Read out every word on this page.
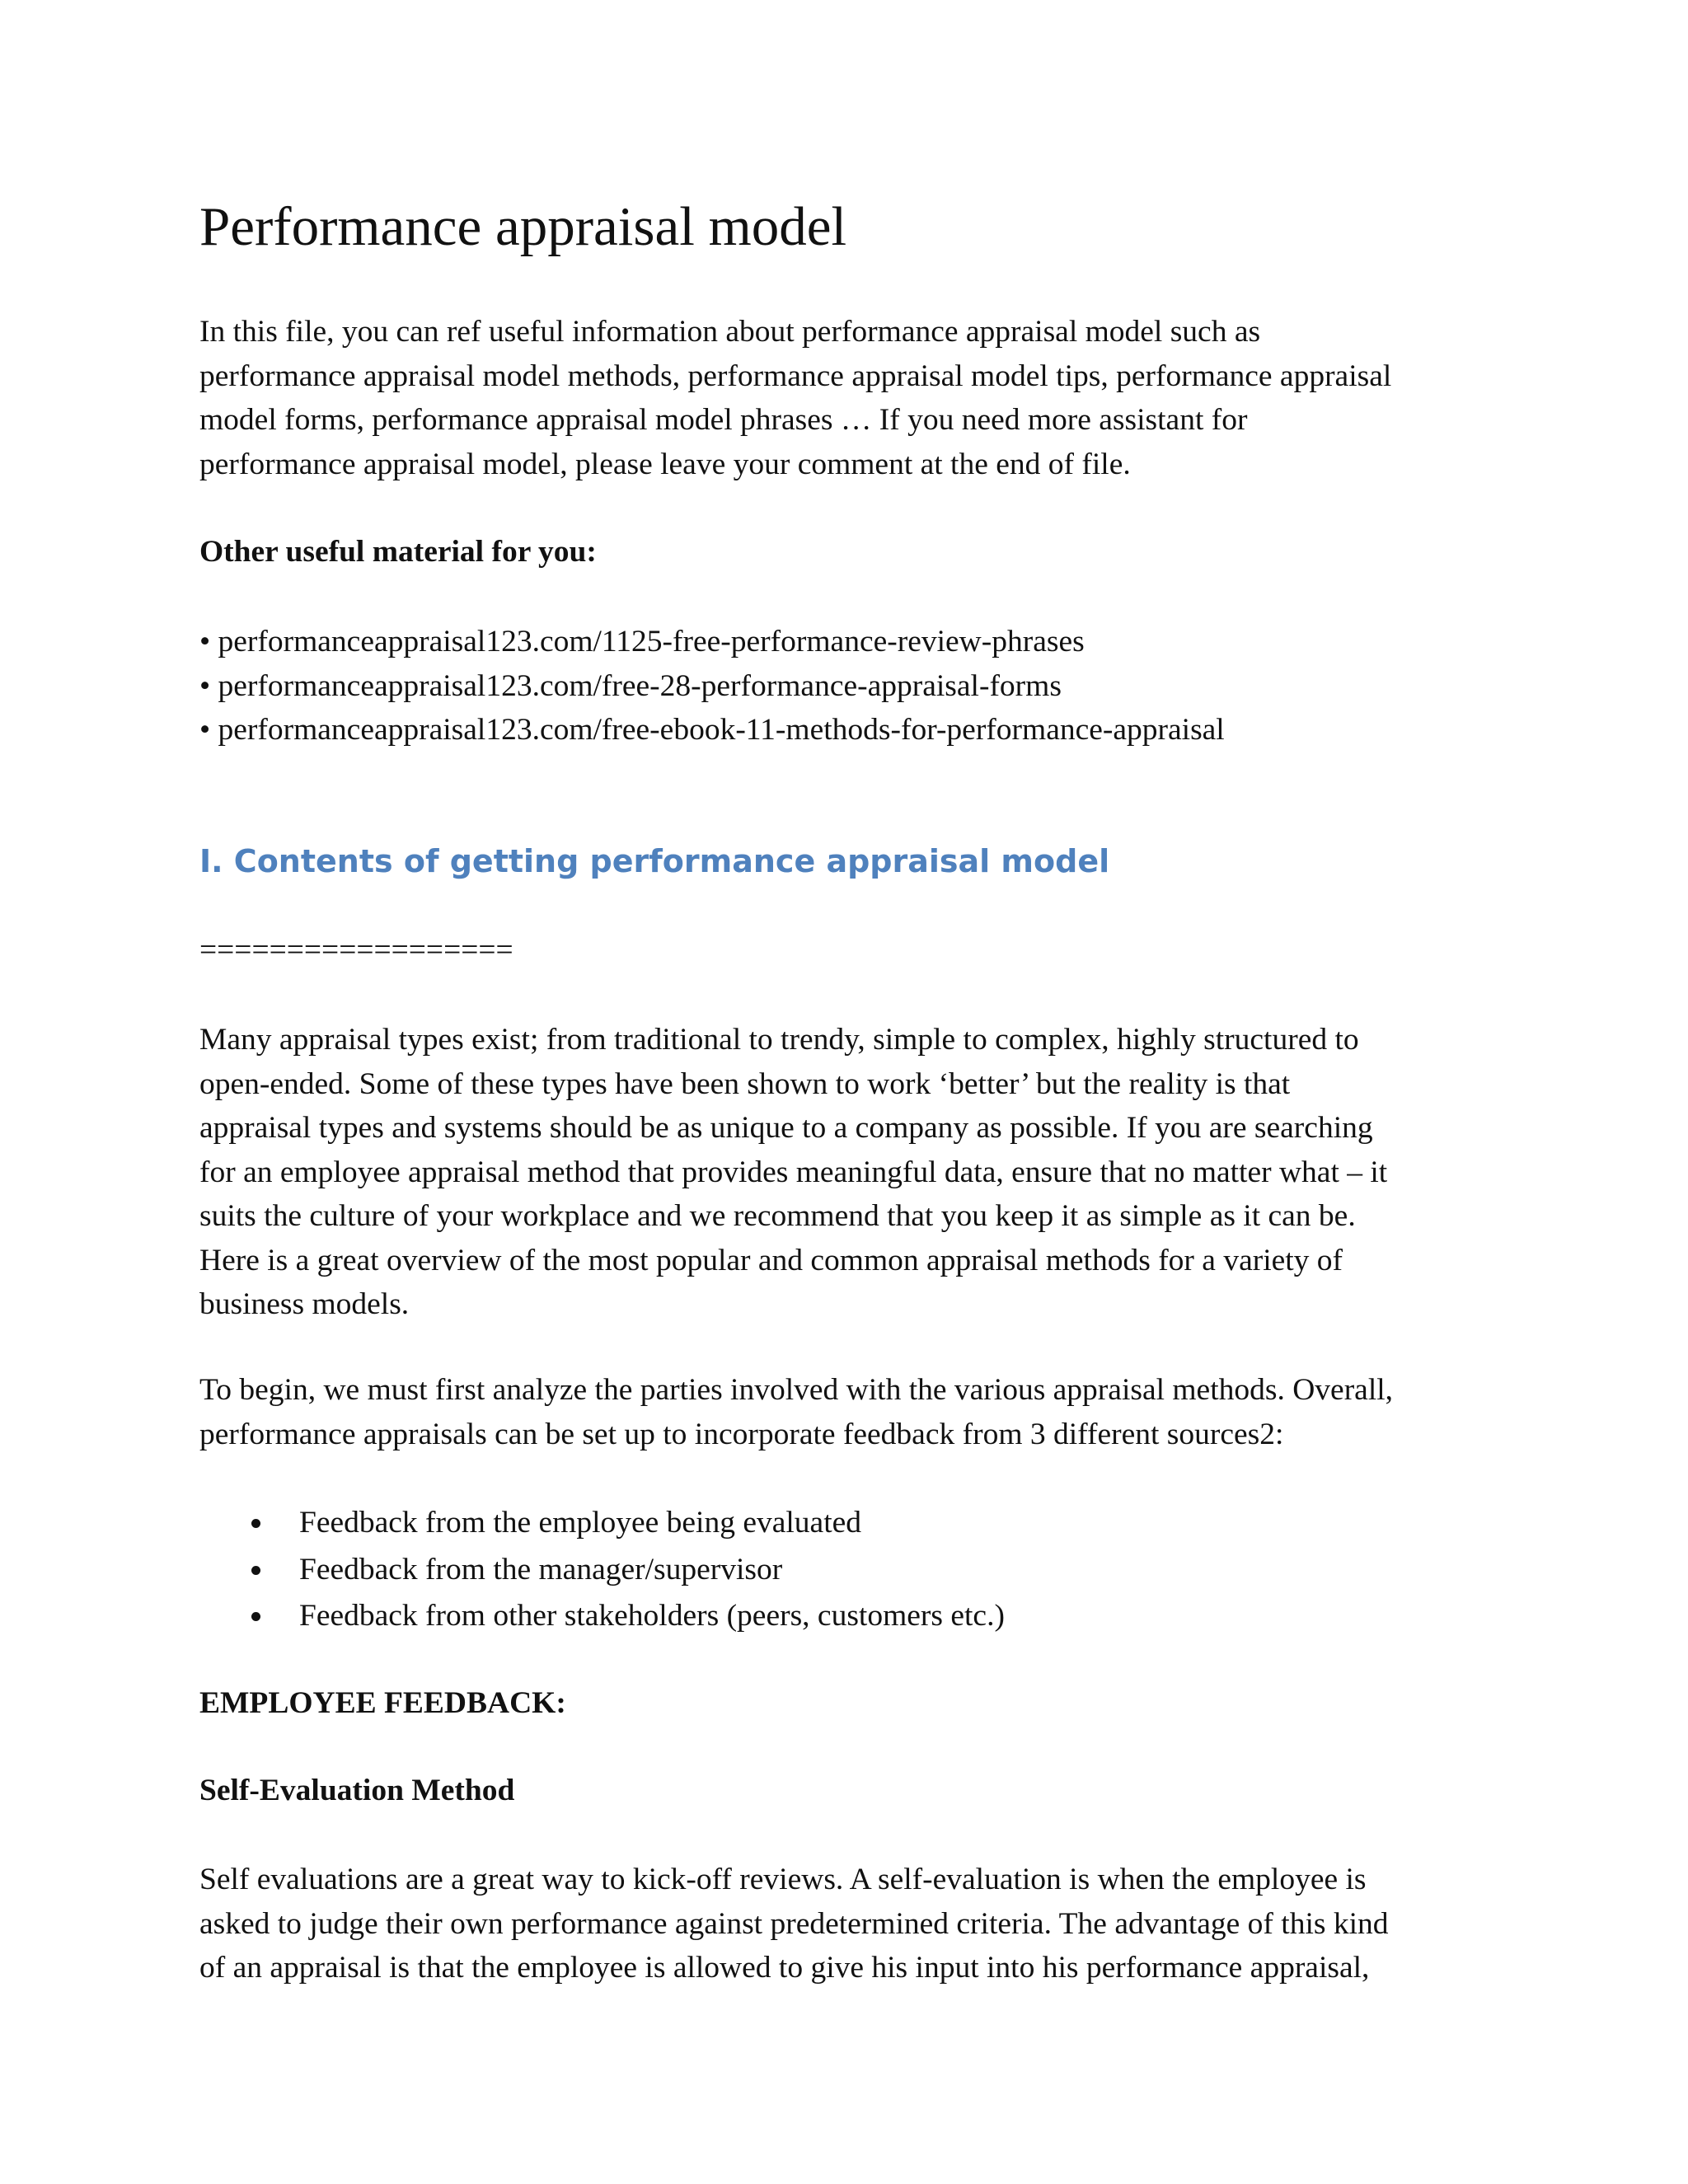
Performance appraisal model

In this file, you can ref useful information about performance appraisal model such as

performance appraisal model methods, performance appraisal model tips, performance appraisal

model forms, performance appraisal model phrases … If you need more assistant for

performance appraisal model, please leave your comment at the end of file.

Other useful material for you:

• performanceappraisal123.com/1125-free-performance-review-phrases

• performanceappraisal123.com/free-28-performance-appraisal-forms

• performanceappraisal123.com/free-ebook-11-methods-for-performance-appraisal

I. Contents of getting performance appraisal model
==================

Many appraisal types exist; from traditional to trendy, simple to complex, highly structured to

open-ended. Some of these types have been shown to work ‘better’ but the reality is that

appraisal types and systems should be as unique to a company as possible. If you are searching

for an employee appraisal method that provides meaningful data, ensure that no matter what – it

suits the culture of your workplace and we recommend that you keep it as simple as it can be.

Here is a great overview of the most popular and common appraisal methods for a variety of

business models.

To begin, we must first analyze the parties involved with the various appraisal methods. Overall,

performance appraisals can be set up to incorporate feedback from 3 different sources2:

Feedback from the employee being evaluated
Feedback from the manager/supervisor
Feedback from other stakeholders (peers, customers etc.)
EMPLOYEE FEEDBACK:
Self-Evaluation Method

Self evaluations are a great way to kick-off reviews. A self-evaluation is when the employee is

asked to judge their own performance against predetermined criteria. The advantage of this kind

of an appraisal is that the employee is allowed to give his input into his performance appraisal,
